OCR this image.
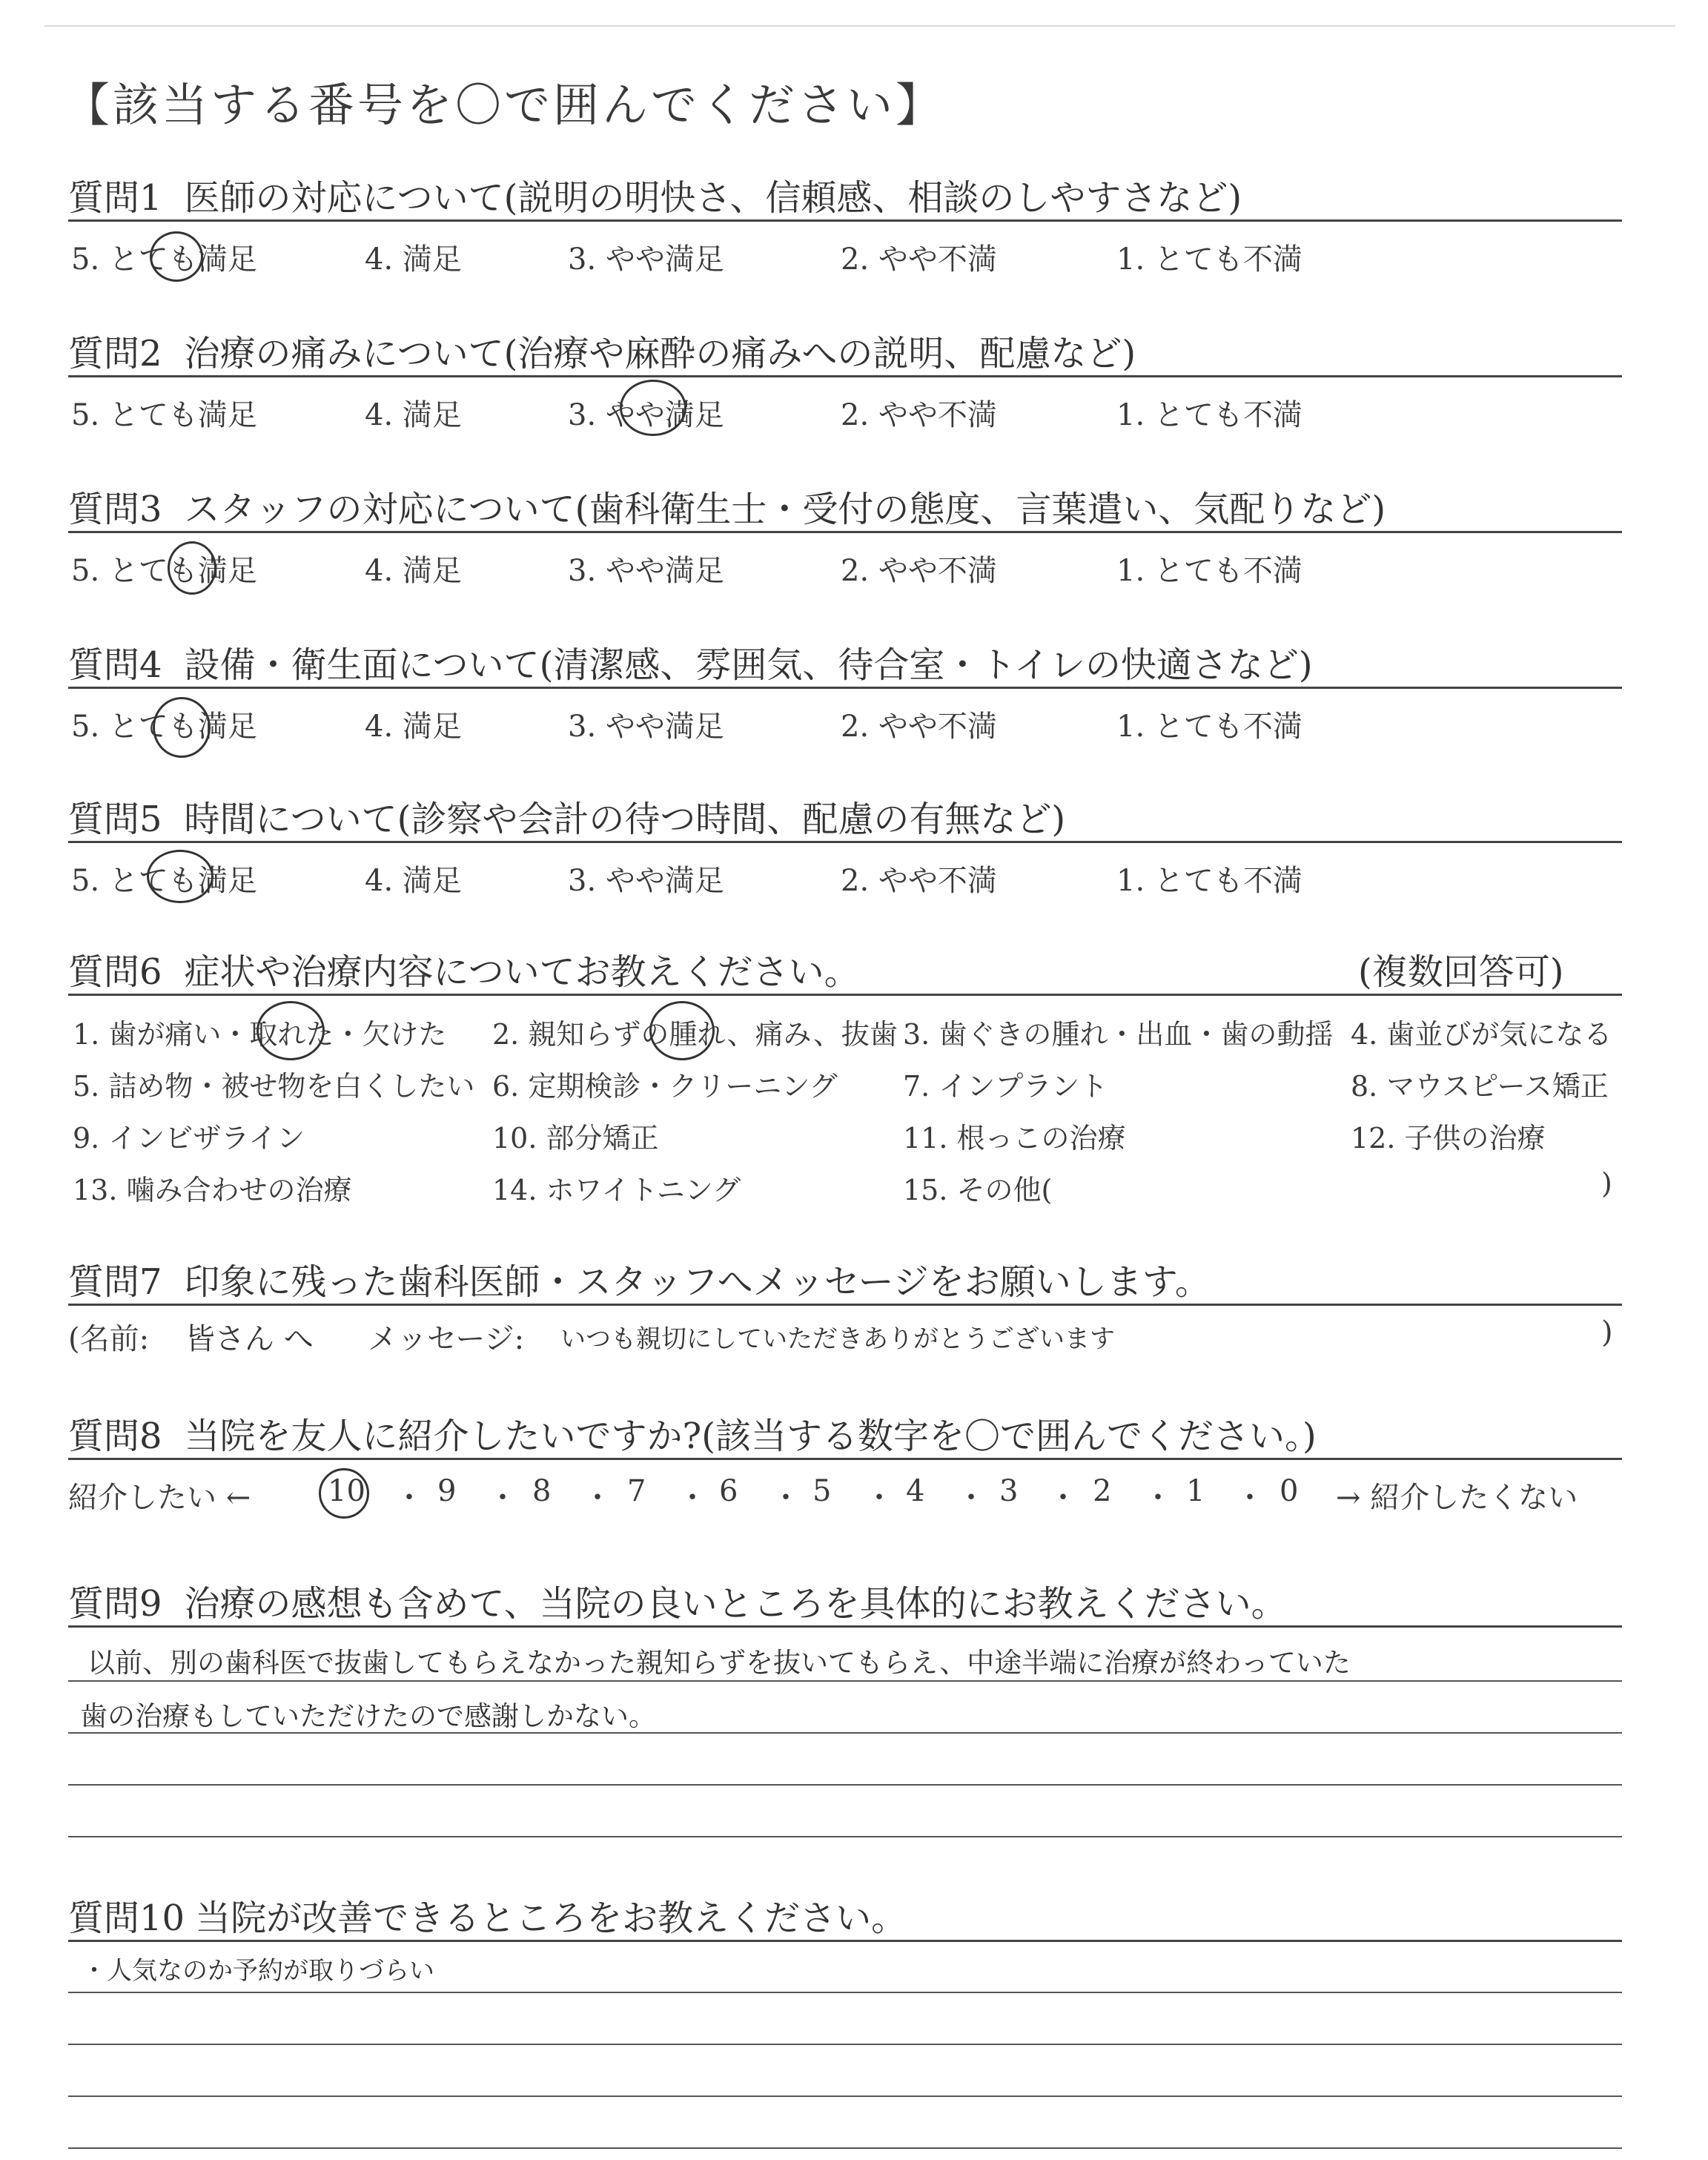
【該当する番号を〇で囲んでください】
質問1 医師の対応について(説明の明快さ、信頼感、相談のしやすさなど)
5. とても満足	4. 満足	3. やや満足	2. やや不満	1. とても不満
質問2 治療の痛みについて(治療や麻酔の痛みへの説明、配慮など)
5. とても満足	4. 満足	3. やや満足	2. やや不満	1. とても不満
質問3 スタッフの対応について(歯科衛生士・受付の態度、言葉遣い、気配りなど)
5. とても満足	4. 満足	3. やや満足	2. やや不満	1. とても不満
質問4 設備・衛生面について(清潔感、雰囲気、待合室・トイレの快適さなど)
5. とても満足	4. 満足	3. やや満足	2. やや不満	1. とても不満
質問5 時間について(診察や会計の待つ時間、配慮の有無など)
5. とても満足	4. 満足	3. やや満足	2. やや不満	1. とても不満
質問6 症状や治療内容についてお教えください。	(複数回答可)
1. 歯が痛い・取れた・欠けた 2. 親知らずの腫れ、痛み、抜歯 3. 歯ぐきの腫れ・出血・歯の動揺 4. 歯並びが気になる
5. 詰め物・被せ物を白くしたい 6. 定期検診・クリーニング 7. インプラント	8. マウスピース矯正
9. インビザライン	10. 部分矯正	11. 根っこの治療	12. 子供の治療
13. 噛み合わせの治療	14. ホワイトニング	15. その他(	)
質問7 印象に残った歯科医師・スタッフへメッセージをお願いします。
(名前: 皆さん へ メッセージ: いつも親切にしていただきありがとうございます	)
質問8 当院を友人に紹介したいですか?(該当する数字を〇で囲んでください。)
紹介したい ←	10 ・ 9 ・ 8 ・ 7 ・ 6 ・ 5 ・ 4 ・ 3 ・ 2 ・ 1 ・ 0 → 紹介したくない
質問9 治療の感想も含めて、当院の良いところを具体的にお教えください。
以前、別の歯科医で抜歯してもらえなかった親知らずを抜いてもらえ、中途半端に治療が終わっていた
歯の治療もしていただけたので感謝しかない。
質問10 当院が改善できるところをお教えください。
・人気なのか予約が取りづらい
